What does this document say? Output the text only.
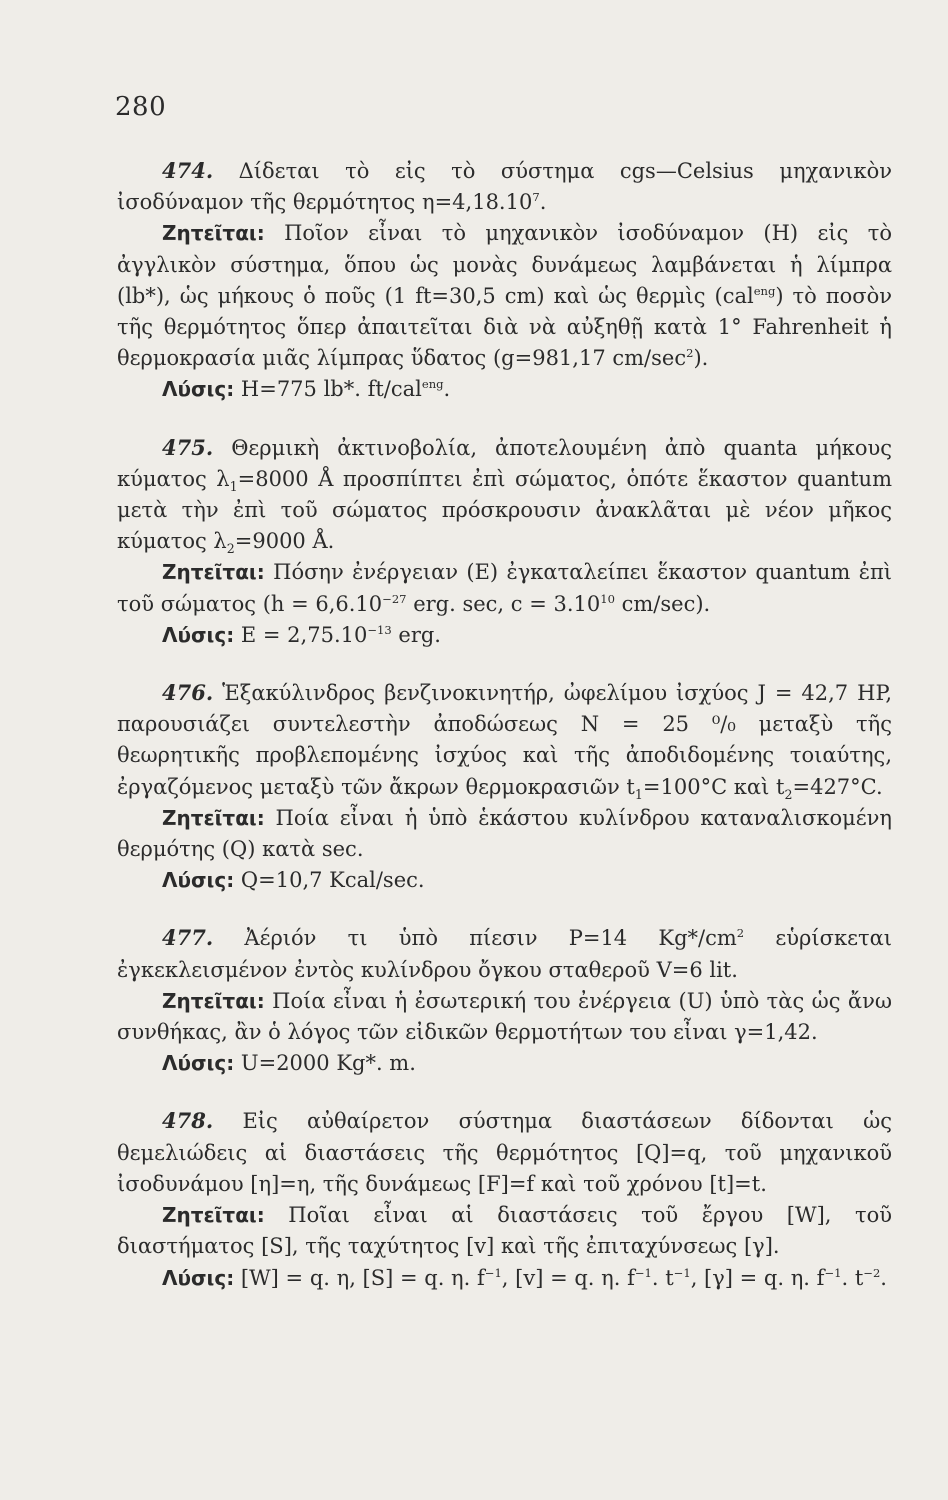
280

474. Δίδεται τὸ εἰς τὸ σύστημα cgs—Celsius μηχανικὸν ἰσοδύναμον τῆς θερμότητος $\eta=4,18.10^7$.

Ζητεῖται: Ποῖον εἶναι τὸ μηχανικὸν ἰσοδύναμον (Η) εἰς τὸ ἀγγλικὸν σύστημα, ὅπου ὡς μονὰς δυνάμεως λαμβάνεται ἡ λίμπρα (lb*), ὡς μήκους ὁ ποῦς (1 ft=30,5 cm) καὶ ὡς θερμὶς (cal$^{eng}$) τὸ ποσὸν τῆς θερμότητος ὅπερ ἀπαιτεῖται διὰ νὰ αὐξηθῇ κατὰ 1° Fahrenheit ἡ θερμοκρασία μιᾶς λίμπρας ὕδατος (g=981,17 $cm/\sec^2$).

Λύσις: H=775 lb*. ft/cal$^{eng}$.

475. Θερμικὴ ἀκτινοβολία, ἀποτελουμένη ἀπὸ quanta μήκους κύματος $\lambda_1=8000$ Å προσπίπτει ἐπὶ σώματος, ὁπότε ἕκαστον quantum μετὰ τὴν ἐπὶ τοῦ σώματος πρόσκρουσιν ἀνακλᾶται μὲ νέον μῆκος κύματος $\lambda_2=9000$ Å.

Ζητεῖται: Πόσην ἐνέργειαν (E) ἐγκαταλείπει ἕκαστον quantum ἐπὶ τοῦ σώματος ($h = 6,6.10^{-27}$ erg. sec, $c = 3.10^{10}$ cm/sec).

Λύσις: $E = 2,75.10^{-13}$ erg.

476. Ἑξακύλινδρος βενζινοκινητήρ, ὠφελίμου ἰσχύος J = 42,7 HP, παρουσιάζει συντελεστὴν ἀποδώσεως N = 25 ⁰/₀ μεταξὺ τῆς θεωρητικῆς προβλεπομένης ἰσχύος καὶ τῆς ἀποδιδομένης τοιαύτης, ἐργαζόμενος μεταξὺ τῶν ἄκρων θερμοκρασιῶν $t_1=100^\circ C$ καὶ $t_2=427^\circ C$.

Ζητεῖται: Ποία εἶναι ἡ ὑπὸ ἑκάστου κυλίνδρου καταναλισκομένη θερμότης (Q) κατὰ sec.

Λύσις: Q=10,7 Kcal/sec.

477. Ἀέριόν τι ὑπὸ πίεσιν P=14 $Kg*/cm^2$ εὑρίσκεται ἐγκεκλεισμένον ἐντὸς κυλίνδρου ὄγκου σταθεροῦ V=6 lit.

Ζητεῖται: Ποία εἶναι ἡ ἐσωτερική του ἐνέργεια (U) ὑπὸ τὰς ὡς ἄνω συνθήκας, ἂν ὁ λόγος τῶν εἰδικῶν θερμοτήτων του εἶναι γ=1,42.

Λύσις: U=2000 Kg*. m.

478. Εἰς αὐθαίρετον σύστημα διαστάσεων δίδονται ὡς θεμελιώδεις αἱ διαστάσεις τῆς θερμότητος [Q]=q, τοῦ μηχανικοῦ ἰσοδυνάμου [η]=η, τῆς δυνάμεως [F]=f καὶ τοῦ χρόνου [t]=t.

Ζητεῖται: Ποῖαι εἶναι αἱ διαστάσεις τοῦ ἔργου [W], τοῦ διαστήματος [S], τῆς ταχύτητος [v] καὶ τῆς ἐπιταχύνσεως [γ].

Λύσις: [W] = q. η, [S] = q. η. $f^{-1}$, [v] = q. η. $f^{-1}$. $t^{-1}$, [γ] = q. η. $f^{-1}$. $t^{-2}$.
